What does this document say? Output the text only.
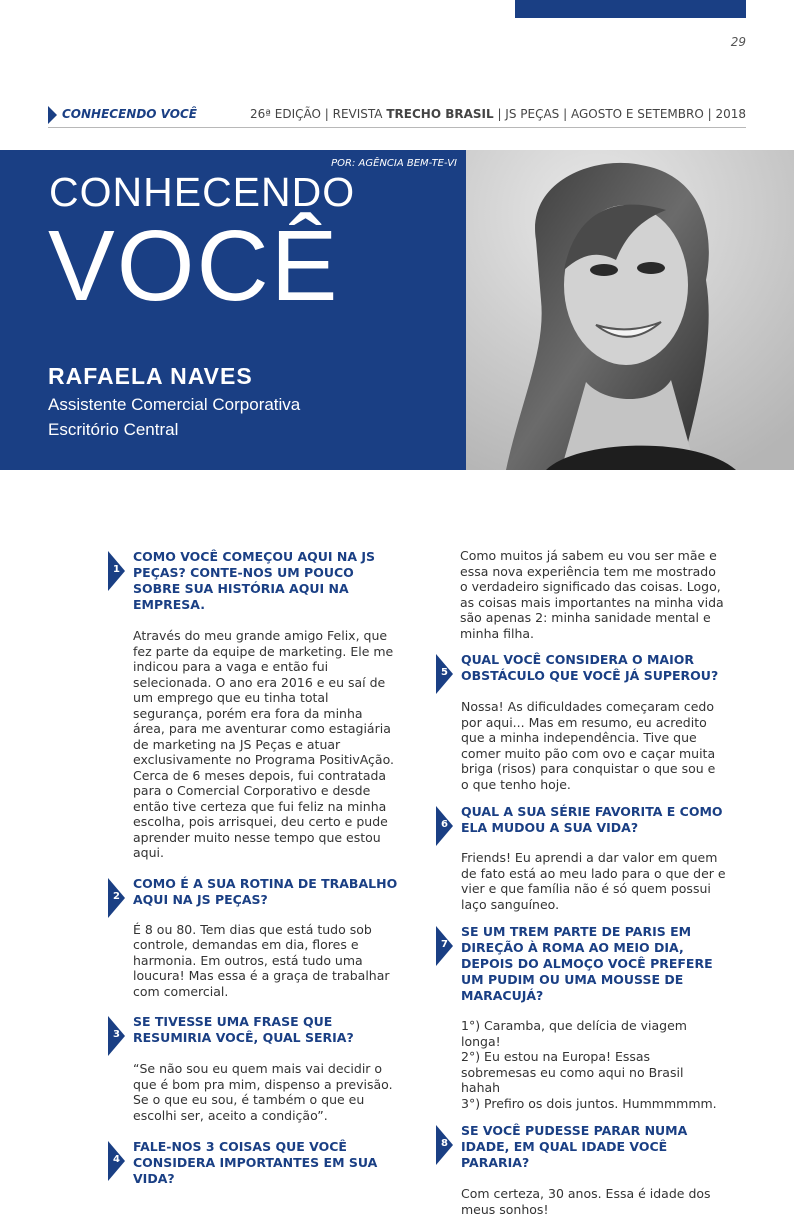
29
CONHECENDO VOCÊ	26ª EDIÇÃO | REVISTA TRECHO BRASIL | JS PEÇAS | AGOSTO E SETEMBRO | 2018
POR: AGÊNCIA BEM-TE-VI
CONHECENDO
VOCÊ
RAFAELA NAVES
Assistente Comercial Corporativa
Escritório Central
1
COMO VOCÊ COMEÇOU AQUI NA JS PEÇAS? CONTE-NOS UM POUCO SOBRE SUA HISTÓRIA AQUI NA EMPRESA.

Através do meu grande amigo Felix, que fez parte da equipe de marketing. Ele me indicou para a vaga e então fui selecionada. O ano era 2016 e eu saí de um emprego que eu tinha total segurança, porém era fora da minha área, para me aventurar como estagiária de marketing na JS Peças e atuar exclusivamente no Programa PositivAção. Cerca de 6 meses depois, fui contratada para o Comercial Corporativo e desde então tive certeza que fui feliz na minha escolha, pois arrisquei, deu certo e pude aprender muito nesse tempo que estou aqui.

2
COMO É A SUA ROTINA DE TRABALHO AQUI NA JS PEÇAS?

É 8 ou 80. Tem dias que está tudo sob controle, demandas em dia, flores e harmonia. Em outros, está tudo uma loucura! Mas essa é a graça de trabalhar com comercial.

3
SE TIVESSE UMA FRASE QUE RESUMIRIA VOCÊ, QUAL SERIA?

“Se não sou eu quem mais vai decidir o que é bom pra mim, dispenso a previsão. Se o que eu sou, é também o que eu escolhi ser, aceito a condição”.

4
FALE-NOS 3 COISAS QUE VOCÊ CONSIDERA IMPORTANTES EM SUA VIDA?

Como muitos já sabem eu vou ser mãe e essa nova experiência tem me mostrado o verdadeiro significado das coisas. Logo, as coisas mais importantes na minha vida são apenas 2: minha sanidade mental e minha filha.

5
QUAL VOCÊ CONSIDERA O MAIOR OBSTÁCULO QUE VOCÊ JÁ SUPEROU?

Nossa! As dificuldades começaram cedo por aqui... Mas em resumo, eu acredito que a minha independência. Tive que comer muito pão com ovo e caçar muita briga (risos) para conquistar o que sou e o que tenho hoje.

6
QUAL A SUA SÉRIE FAVORITA E COMO ELA MUDOU A SUA VIDA?

Friends! Eu aprendi a dar valor em quem de fato está ao meu lado para o que der e vier e que família não é só quem possui laço sanguíneo.

7
SE UM TREM PARTE DE PARIS EM DIREÇÃO À ROMA AO MEIO DIA, DEPOIS DO ALMOÇO VOCÊ PREFERE UM PUDIM OU UMA MOUSSE DE MARACUJÁ?
1°) Caramba, que delícia de viagem longa!
2°) Eu estou na Europa! Essas sobremesas eu como aqui no Brasil hahah
3°) Prefiro os dois juntos. Hummmmmm.
8
SE VOCÊ PUDESSE PARAR NUMA IDADE, EM QUAL IDADE VOCÊ PARARIA?

Com certeza, 30 anos. Essa é idade dos meus sonhos!
